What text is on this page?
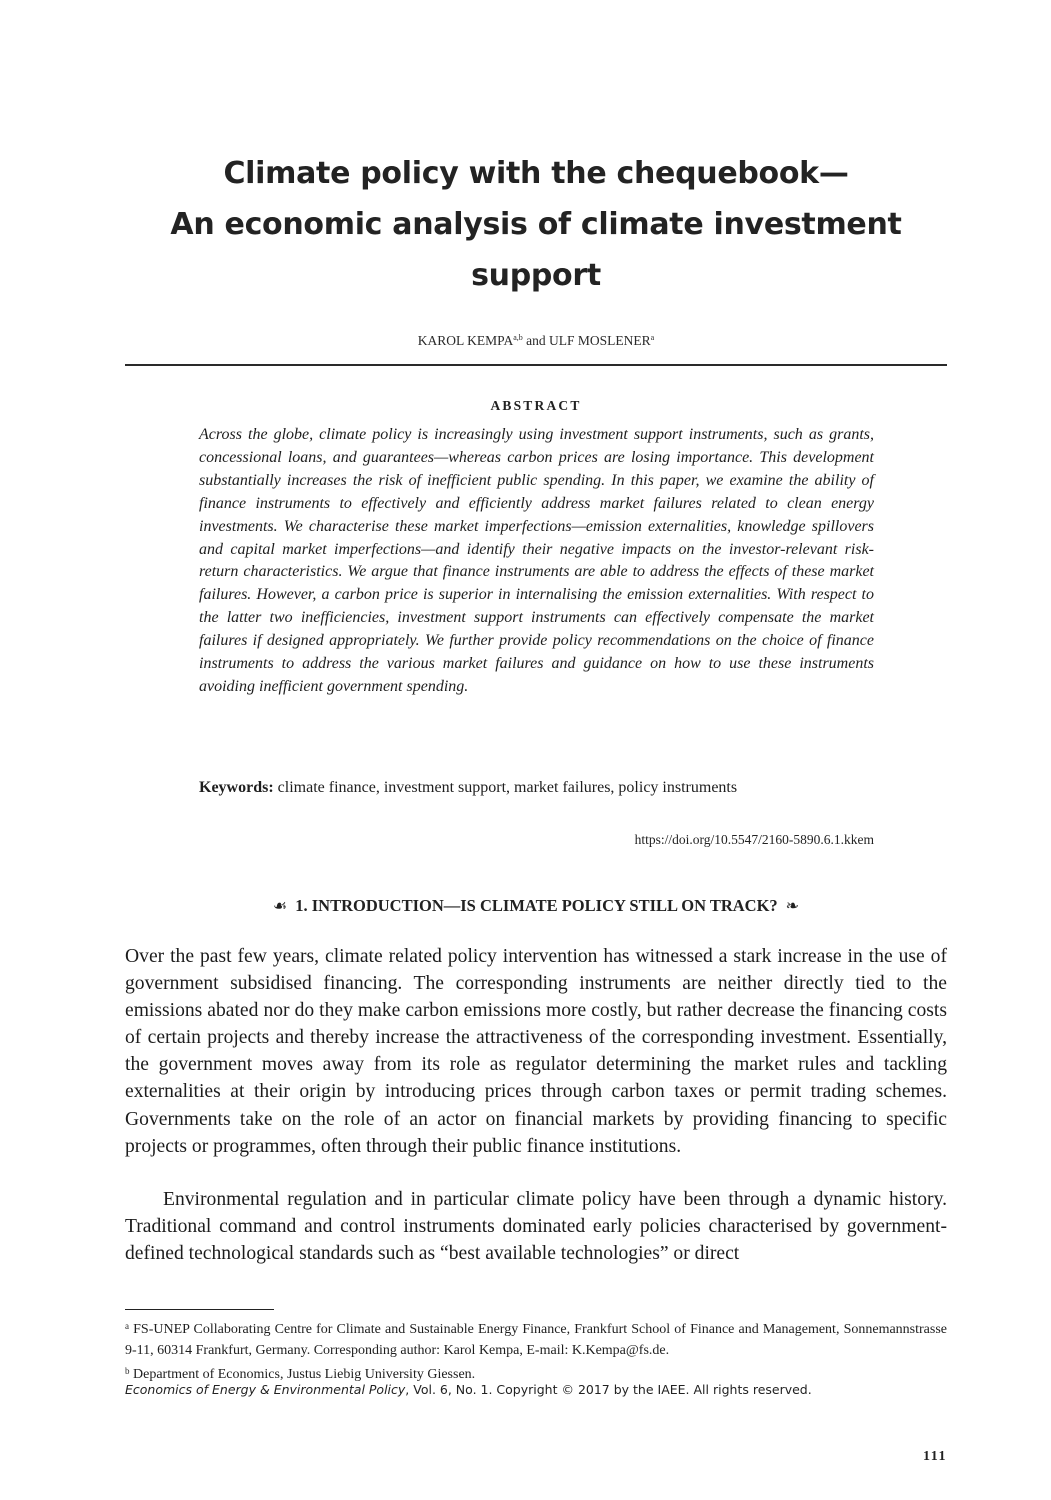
Climate policy with the chequebook—
An economic analysis of climate investment
support
KAROL KEMPA$^{a,b}$ and ULF MOSLENER$^a$
ABSTRACT

Across the globe, climate policy is increasingly using investment support instruments, such as grants, concessional loans, and guarantees—whereas carbon prices are losing importance. This development substantially increases the risk of inefficient public spending. In this paper, we examine the ability of finance instruments to effectively and efficiently address market failures related to clean energy investments. We characterise these market imperfections—emission externalities, knowledge spillovers and capital market imperfections—and identify their negative impacts on the investor-relevant risk-return characteristics. We argue that finance instruments are able to address the effects of these market failures. However, a carbon price is superior in internalising the emission externalities. With respect to the latter two inefficiencies, investment support instruments can effectively compensate the market failures if designed appropriately. We further provide policy recommendations on the choice of finance instruments to address the various market failures and guidance on how to use these instruments avoiding inefficient government spending.

Keywords: climate finance, investment support, market failures, policy instruments
https://doi.org/10.5547/2160-5890.6.1.kkem
☙ 1. INTRODUCTION—IS CLIMATE POLICY STILL ON TRACK? ❧

Over the past few years, climate related policy intervention has witnessed a stark increase in the use of government subsidised financing. The corresponding instruments are neither directly tied to the emissions abated nor do they make carbon emissions more costly, but rather decrease the financing costs of certain projects and thereby increase the attractiveness of the corresponding investment. Essentially, the government moves away from its role as regulator determining the market rules and tackling externalities at their origin by introducing prices through carbon taxes or permit trading schemes. Governments take on the role of an actor on financial markets by providing financing to specific projects or programmes, often through their public finance institutions.

Environmental regulation and in particular climate policy have been through a dynamic history. Traditional command and control instruments dominated early policies characterised by government-defined technological standards such as “best available technologies” or direct

$^a$ FS-UNEP Collaborating Centre for Climate and Sustainable Energy Finance, Frankfurt School of Finance and Management, Sonnemannstrasse 9-11, 60314 Frankfurt, Germany. Corresponding author: Karol Kempa, E-mail: K.Kempa@fs.de.

$^b$ Department of Economics, Justus Liebig University Giessen.

Economics of Energy & Environmental Policy, Vol. 6, No. 1. Copyright © 2017 by the IAEE. All rights reserved.
111
